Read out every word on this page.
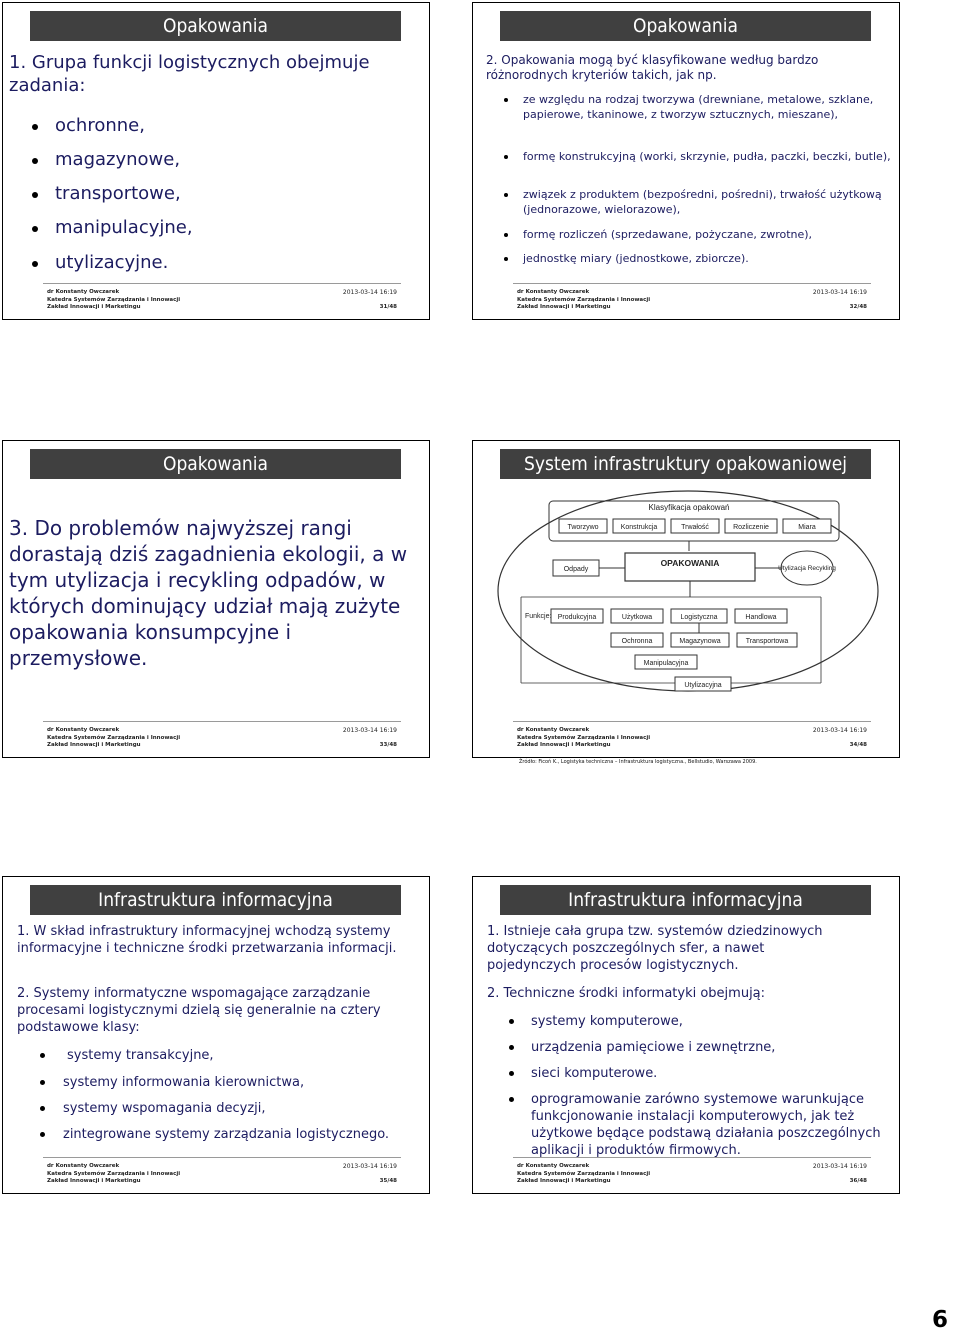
Opakowania

1. Grupa funkcji logistycznych obejmuje zadania:

ochronne,
magazynowe,
transportowe,
manipulacyjne,
utylizacyjne.
dr Konstanty Owczarek
Katedra Systemów Zarządzania i Innowacji
Zakład Innowacji i Marketingu
2013-03-14 16:19
31/48
Opakowania

2. Opakowania mogą być klasyfikowane według bardzo różnorodnych kryteriów takich, jak np.

ze względu na rodzaj tworzywa (drewniane, metalowe, szklane, papierowe, tkaninowe, z tworzyw sztucznych, mieszane),
formę konstrukcyjną (worki, skrzynie, pudła, paczki, beczki, butle),
związek z produktem (bezpośredni, pośredni), trwałość użytkową (jednorazowe, wielorazowe),
formę rozliczeń (sprzedawane, pożyczane, zwrotne),
jednostkę miary (jednostkowe, zbiorcze).
dr Konstanty Owczarek
Katedra Systemów Zarządzania i Innowacji
Zakład Innowacji i Marketingu
2013-03-14 16:19
32/48
Opakowania

3. Do problemów najwyższej rangi dorastają dziś zagadnienia ekologii, a w tym utylizacja i recykling odpadów, w których dominujący udział mają zużyte opakowania konsumpcyjne i przemysłowe.

dr Konstanty Owczarek
Katedra Systemów Zarządzania i Innowacji
Zakład Innowacji i Marketingu
2013-03-14 16:19
33/48
System infrastruktury opakowaniowej
Klasyfikacja opakowań
Tworzywo	Konstrukcja	Trwałość	Rozliczenie	Miara
Odpady
OPAKOWANIA
Utylizacja Recykling
Funkcje: Produkcyjna	Użytkowa	Logistyczna	Handlowa
Ochronna	Magazynowa	Transportowa
Manipulacyjna
Utylizacyjna
Źródło: Ficoń K., Logistyka techniczna – Infrastruktura logistyczna., Bellstudio, Warszawa 2009.
dr Konstanty Owczarek
Katedra Systemów Zarządzania i Innowacji
Zakład Innowacji i Marketingu
2013-03-14 16:19
34/48
Infrastruktura informacyjna

1. W skład infrastruktury informacyjnej wchodzą systemy informacyjne i techniczne środki przetwarzania informacji.

2. Systemy informatyczne wspomagające zarządzanie procesami logistycznymi dzielą się generalnie na cztery podstawowe klasy:

systemy transakcyjne,
systemy informowania kierownictwa,
systemy wspomagania decyzji,
zintegrowane systemy zarządzania logistycznego.
dr Konstanty Owczarek
Katedra Systemów Zarządzania i Innowacji
Zakład Innowacji i Marketingu
2013-03-14 16:19
35/48
Infrastruktura informacyjna

1. Istnieje cała grupa tzw. systemów dziedzinowych dotyczących poszczególnych sfer, a nawet pojedynczych procesów logistycznych.

2. Techniczne środki informatyki obejmują:

systemy komputerowe,
urządzenia pamięciowe i zewnętrzne,
sieci komputerowe.
oprogramowanie zarówno systemowe warunkujące funkcjonowanie instalacji komputerowych, jak też użytkowe będące podstawą działania poszczególnych aplikacji i produktów firmowych.
dr Konstanty Owczarek
Katedra Systemów Zarządzania i Innowacji
Zakład Innowacji i Marketingu
2013-03-14 16:19
36/48
6
